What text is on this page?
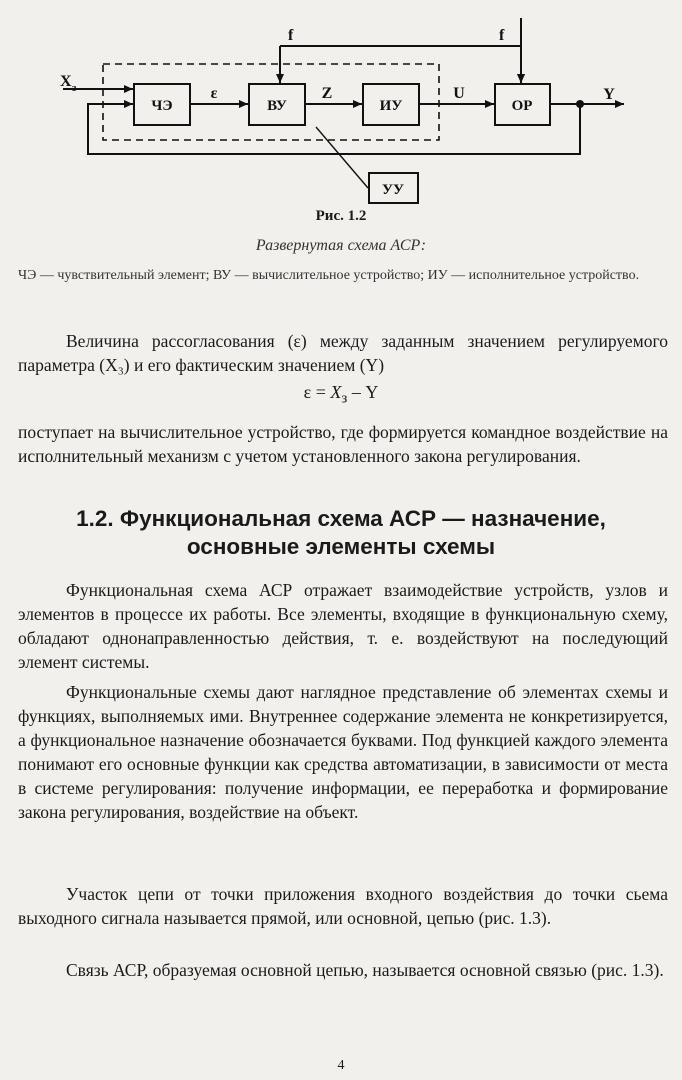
ЧЭ	ВУ	ИУ	ОР
УУ
X з	ε	Z	U	Y
f	f
Рис. 1.2
Развернутая схема АСР:
ЧЭ — чувствительный элемент; ВУ — вычислительное устройство; ИУ — исполнительное устройство.
Величина рассогласования (ε) между заданным значением регулируемого параметра (X₃) и его фактическим значением (Y)
$\varepsilon = X_з - Y$
поступает на вычислительное устройство, где формируется командное воздействие на исполнительный механизм с учетом установленного закона регулирования.
1.2. Функциональная схема АСР — назначение,
основные элементы схемы
Функциональная схема АСР отражает взаимодействие устройств, узлов и элементов в процессе их работы. Все элементы, входящие в функциональную схему, обладают однонаправленностью действия, т. е. воздействуют на последующий элемент системы.
Функциональные схемы дают наглядное представление об элементах схемы и функциях, выполняемых ими. Внутреннее содержание элемента не конкретизируется, а функциональное назначение обозначается буквами. Под функцией каждого элемента понимают его основные функции как средства автоматизации, в зависимости от места в системе регулирования: получение информации, ее переработка и формирование закона регулирования, воздействие на объект.
Участок цепи от точки приложения входного воздействия до точки сьема выходного сигнала называется прямой, или основной, цепью (рис. 1.3).
Связь АСР, образуемая основной цепью, называется основной связью (рис. 1.3).
4
